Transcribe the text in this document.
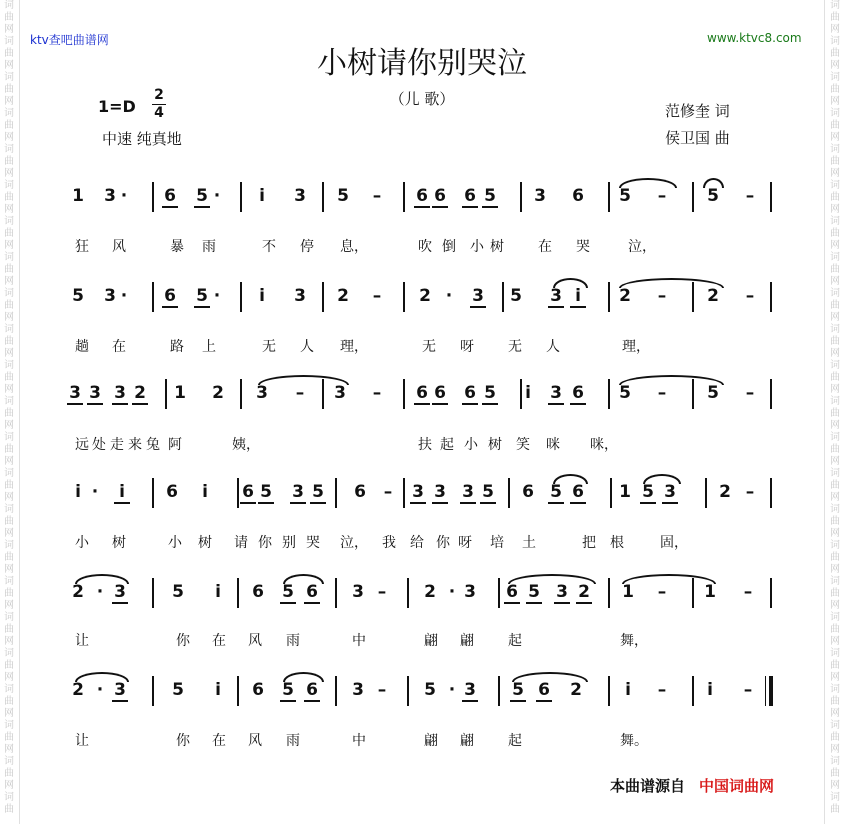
词
曲
网
词
曲
网
词
曲
网
词
曲
网
词
曲
网
词
曲
网
词
曲
网
词
曲
网
词
曲
网
词
曲
网
词
曲
网
词
曲
网
词
曲
网
词
曲
网
词
曲
网
词
曲
网
词
曲
网
词
曲
网
词
曲
网
词
曲
网
词
曲
网
词
曲
网
词
曲
词
曲
网
词
曲
网
词
曲
网
词
曲
网
词
曲
网
词
曲
网
词
曲
网
词
曲
网
词
曲
网
词
曲
网
词
曲
网
词
曲
网
词
曲
网
词
曲
网
词
曲
网
词
曲
网
词
曲
网
词
曲
网
词
曲
网
词
曲
网
词
曲
网
词
曲
网
词
曲
ktv查吧曲谱网	www.ktvc8.com
小树请你别哭泣
（儿 歌）
1=D
2
4
中速 纯真地
范修奎 词
侯卫国 曲
1 3 · 6 5 · i 3 5 – 6 6 6 5 3 6 5 – 5 –
狂 风	暴 雨	不 停 息，	吹 倒 小 树 在 哭	泣，
5 3 · 6 5 · i 3 2 – 2 · 3 5 3 i 2 – 2 –
趟 在	路 上	无 人 理，	无 呀 无 人	理，
3 3 3 2 1 2 3 – 3 – 6 6 6 5 i 3 6 5 – 5 –
远 处 走 来 兔 阿	姨，	扶 起 小 树 笑 咪 咪，
i · i 6 i 6 5 3 5 6 – 3 3 3 5 6 5 6 1 5 3	2 –
小 树	小 树 请 你 别 哭 泣， 我 给 你 呀 培 土	把 根	固，
2 · 3	5 i 6 5 6 3 – 2 · 3 6 5 3 2 1 – 1 –
让	你 在 风 雨	中	翩 翩 起	舞，
2 · 3	5 i 6 5 6 3 – 5 · 3 5 6 2	i – i –
让	你 在 风 雨	中	翩 翩 起	舞。
本曲谱源自 中国词曲网
